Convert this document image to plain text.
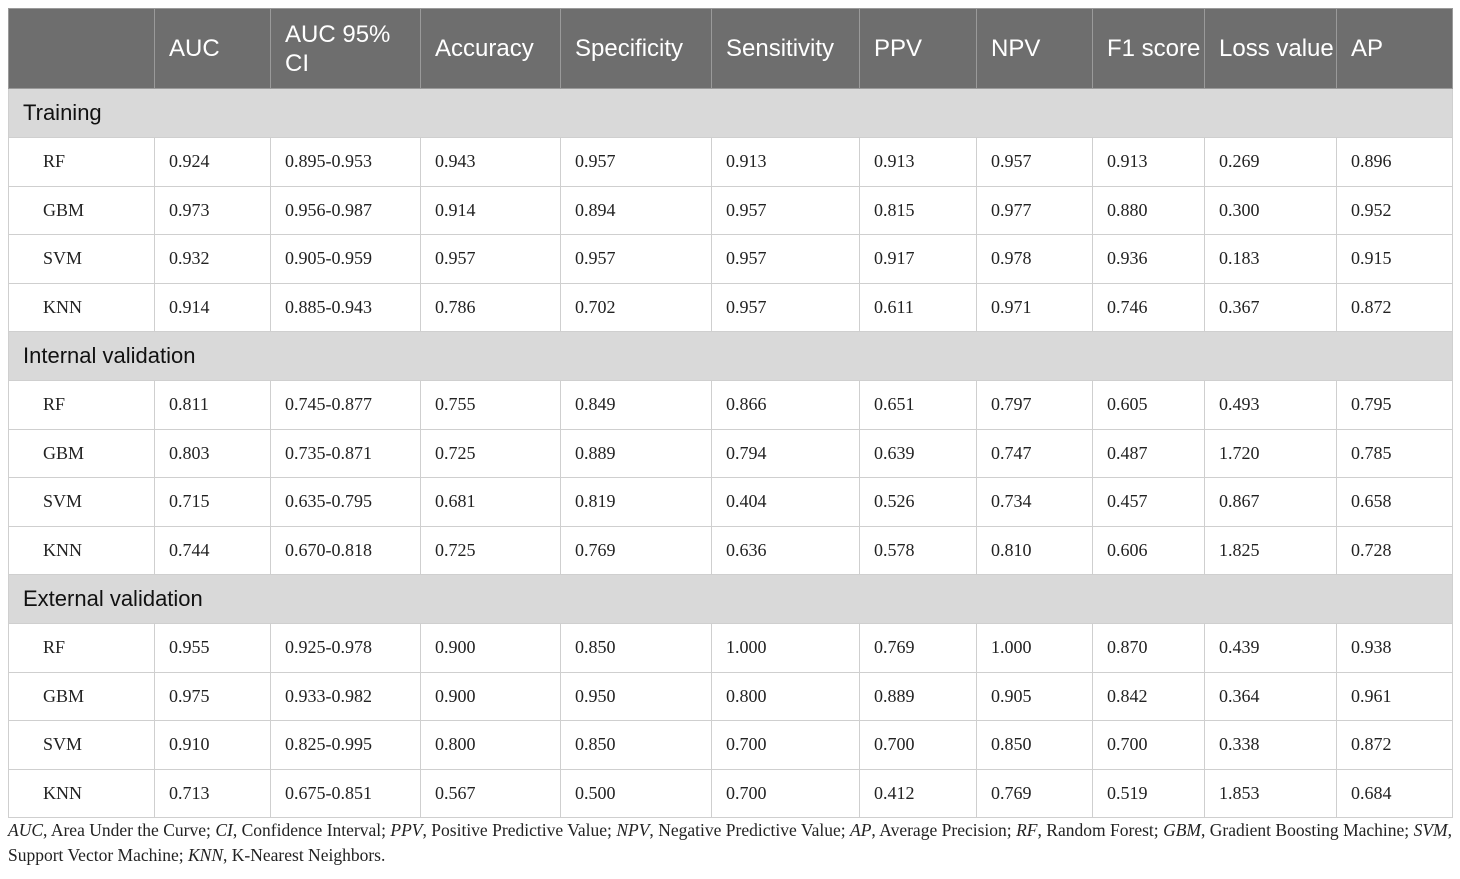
	AUC	AUC 95% CI	Accuracy	Specificity	Sensitivity	PPV	NPV	F1 score	Loss value	AP
Training										
RF	0.924	0.895-0.953	0.943	0.957	0.913	0.913	0.957	0.913	0.269	0.896
GBM	0.973	0.956-0.987	0.914	0.894	0.957	0.815	0.977	0.880	0.300	0.952
SVM	0.932	0.905-0.959	0.957	0.957	0.957	0.917	0.978	0.936	0.183	0.915
KNN	0.914	0.885-0.943	0.786	0.702	0.957	0.611	0.971	0.746	0.367	0.872
Internal validation										
RF	0.811	0.745-0.877	0.755	0.849	0.866	0.651	0.797	0.605	0.493	0.795
GBM	0.803	0.735-0.871	0.725	0.889	0.794	0.639	0.747	0.487	1.720	0.785
SVM	0.715	0.635-0.795	0.681	0.819	0.404	0.526	0.734	0.457	0.867	0.658
KNN	0.744	0.670-0.818	0.725	0.769	0.636	0.578	0.810	0.606	1.825	0.728
External validation										
RF	0.955	0.925-0.978	0.900	0.850	1.000	0.769	1.000	0.870	0.439	0.938
GBM	0.975	0.933-0.982	0.900	0.950	0.800	0.889	0.905	0.842	0.364	0.961
SVM	0.910	0.825-0.995	0.800	0.850	0.700	0.700	0.850	0.700	0.338	0.872
KNN	0.713	0.675-0.851	0.567	0.500	0.700	0.412	0.769	0.519	1.853	0.684
AUC, Area Under the Curve; CI, Confidence Interval; PPV, Positive Predictive Value; NPV, Negative Predictive Value; AP, Average Precision; RF, Random Forest; GBM, Gradient Boosting Machine; SVM, Support Vector Machine; KNN, K-Nearest Neighbors.
